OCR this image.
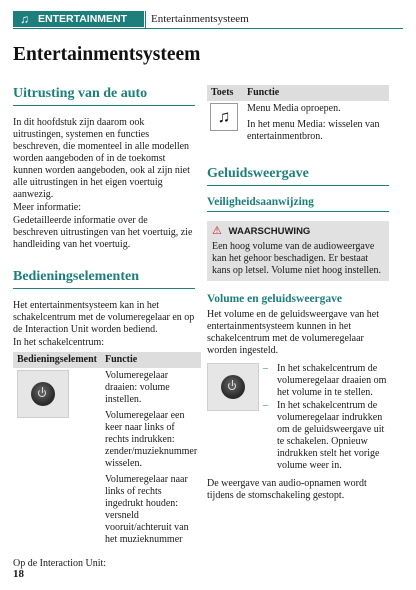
♫ ENTERTAINMENT Entertainmentsysteem
Entertainmentsysteem
Uitrusting van de auto

In dit hoofdstuk zijn daarom ook uitrustingen, systemen en functies beschreven, die momenteel in alle modellen worden aangeboden of in de toekomst kunnen worden aangeboden, ook al zijn niet alle uitrustingen in het eigen voertuig aanwezig.

Meer informatie:

Gedetailleerde informatie over de beschreven uitrustingen van het voertuig, zie handleiding van het voertuig.

Bedieningselementen

Het entertainmentsysteem kan in het schakelcentrum met de volumeregelaar en op de Interaction Unit worden bediend.

In het schakelcentrum:

Bedieningselement	Functie

	Volumeregelaar draaien: volume instellen.
	Volumeregelaar een keer naar links of rechts indrukken: zender/muzieknummer wisselen.
	Volumeregelaar naar links of rechts ingedrukt houden: versneld vooruit/achteruit van het muzieknummer

Op de Interaction Unit:

Toets	Functie

♫	Menu Media oproepen.
	In het menu Media: wisselen van entertainmentbron.
Geluidsweergave
Veiligheidsaanwijzing
⚠ WAARSCHUWING
Een hoog volume van de audioweergave kan het gehoor beschadigen. Er bestaat kans op letsel. Volume niet hoog instellen.
Volume en geluidsweergave

Het volume en de geluidsweergave van het entertainmentsysteem kunnen in het schakelcentrum met de volumeregelaar worden ingesteld.

– In het schakelcentrum de volumeregelaar draaien om het volume in te stellen.
– In het schakelcentrum de volumeregelaar indrukken om de geluidsweergave uit te schakelen. Opnieuw indrukken stelt het vorige volume weer in.

De weergave van audio-opnamen wordt tijdens de stomschakeling gestopt.

18
